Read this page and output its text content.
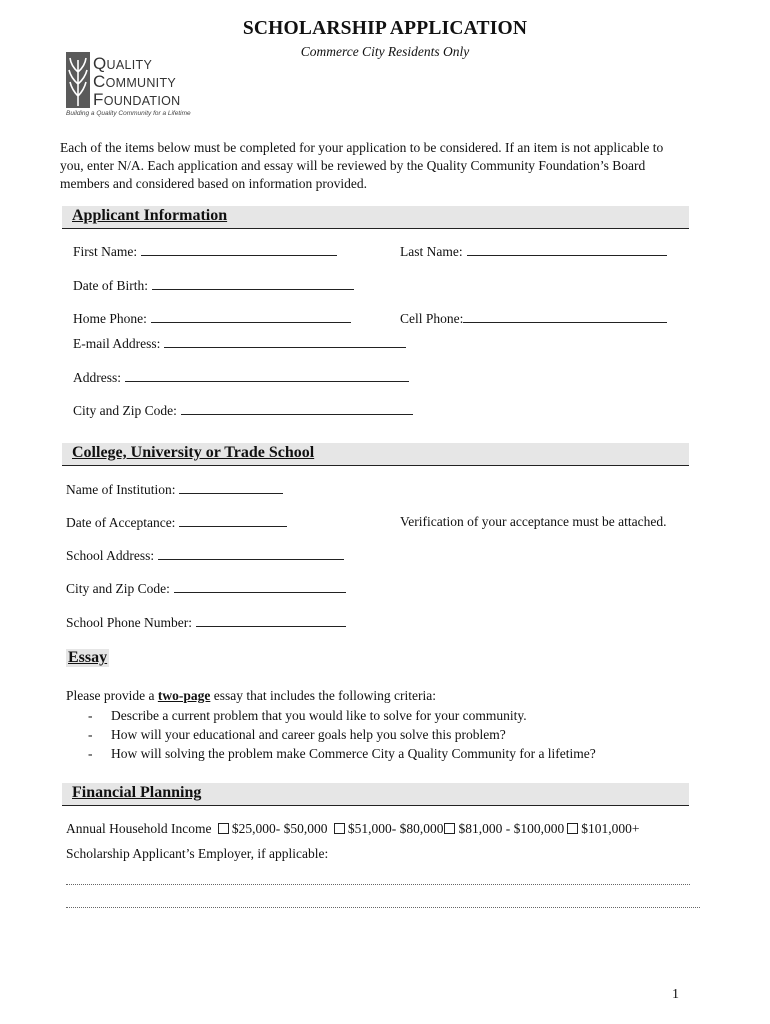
SCHOLARSHIP APPLICATION
Commerce City Residents Only
QUALITY
COMMUNITY
FOUNDATION
Building a Quality Community for a Lifetime
Each of the items below must be completed for your application to be considered. If an item is not applicable to
you, enter N/A. Each application and essay will be reviewed by the Quality Community Foundation’s Board
members and considered based on information provided.
Applicant Information
First Name:	Last Name:
Date of Birth:
Home Phone:	Cell Phone:
E-mail Address:
Address:
City and Zip Code:
College, University or Trade School
Name of Institution:
Date of Acceptance:	Verification of your acceptance must be attached.
School Address:
City and Zip Code:
School Phone Number:
Essay
Please provide a two-page essay that includes the following criteria:
- Describe a current problem that you would like to solve for your community.
- How will your educational and career goals help you solve this problem?
- How will solving the problem make Commerce City a Quality Community for a lifetime?
Financial Planning
Annual Household Income $25,000- $50,000 $51,000- $80,000 $81,000 - $100,000 $101,000+
Scholarship Applicant’s Employer, if applicable:
1
